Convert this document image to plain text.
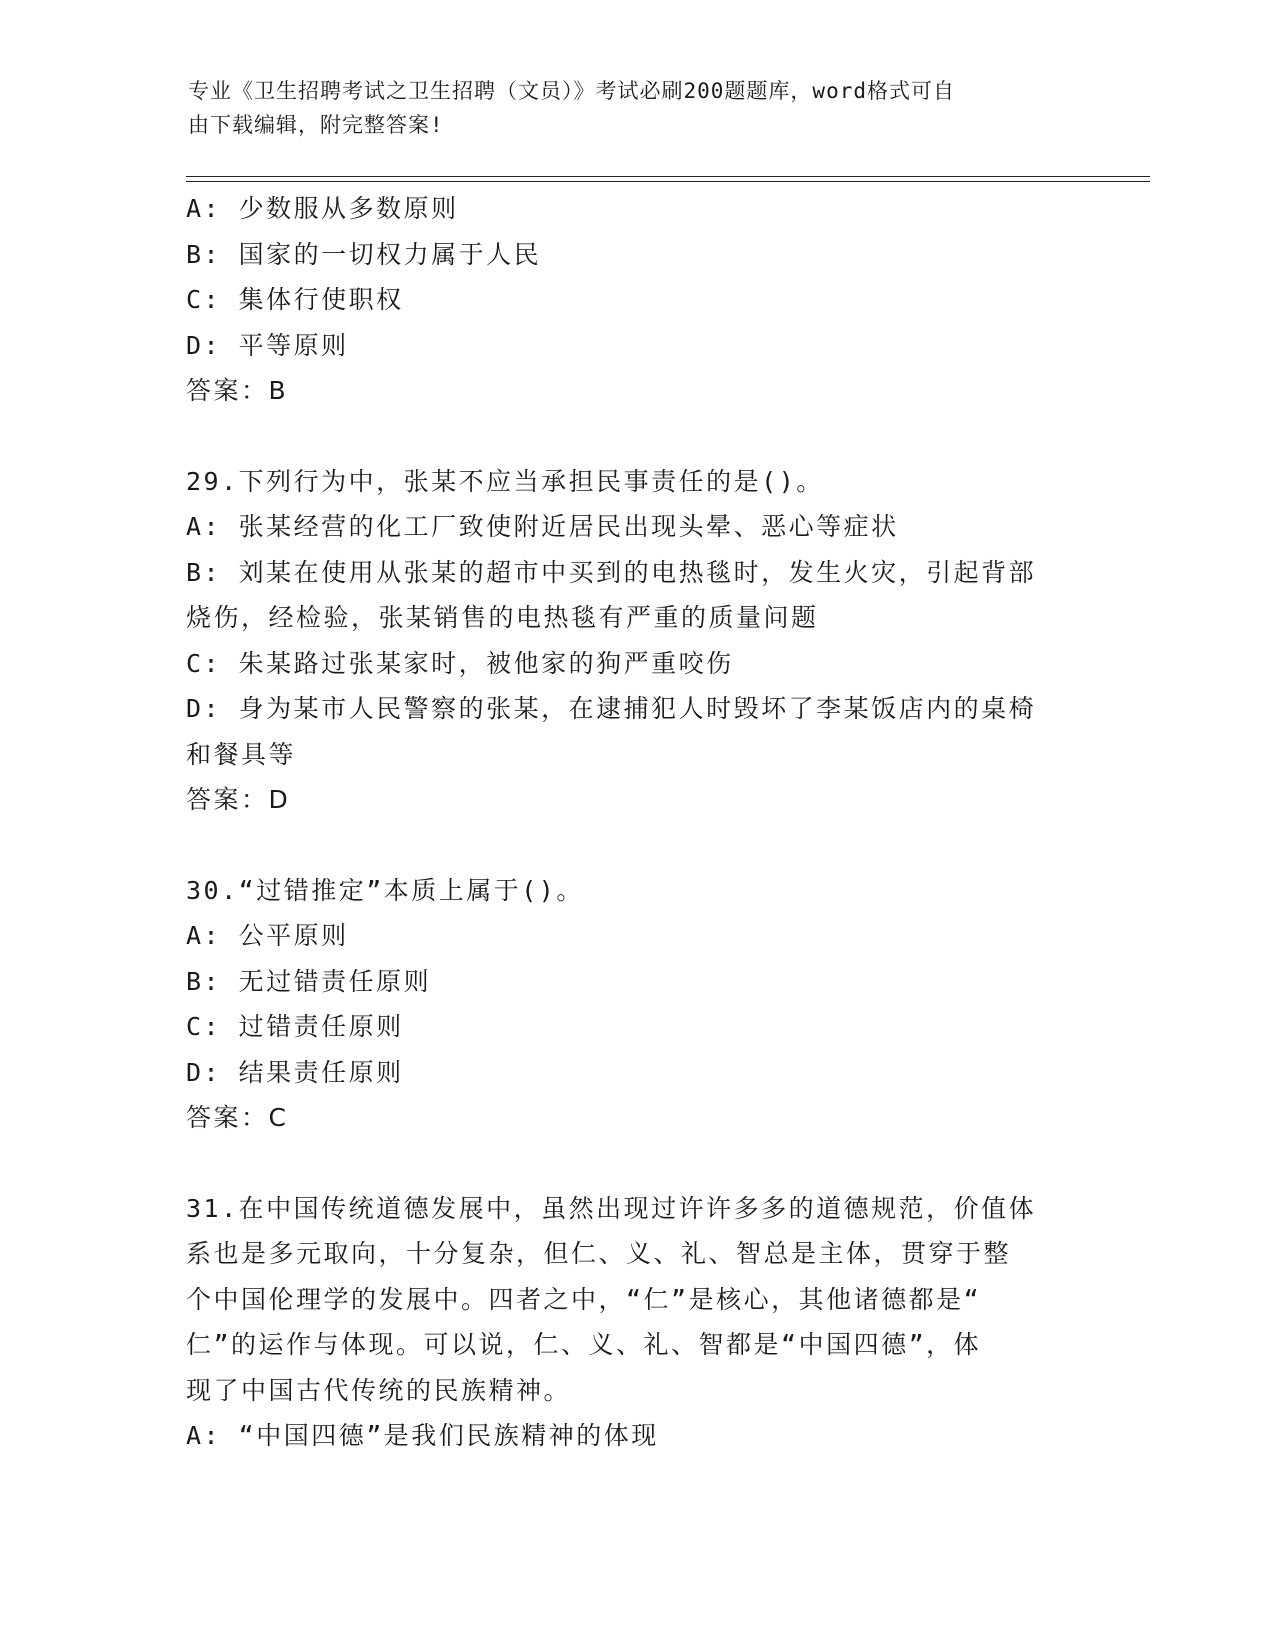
专业《卫生招聘考试之卫生招聘（文员）》考试必刷200题题库，word格式可自
由下载编辑，附完整答案!
A: 少数服从多数原则
B: 国家的一切权力属于人民
C: 集体行使职权
D: 平等原则
答案：B
29.下列行为中，张某不应当承担民事责任的是()。
A: 张某经营的化工厂致使附近居民出现头晕、恶心等症状
B: 刘某在使用从张某的超市中买到的电热毯时，发生火灾，引起背部
烧伤，经检验，张某销售的电热毯有严重的质量问题
C: 朱某路过张某家时，被他家的狗严重咬伤
D: 身为某市人民警察的张某，在逮捕犯人时毁坏了李某饭店内的桌椅
和餐具等
答案：D
30.“过错推定”本质上属于()。
A: 公平原则
B: 无过错责任原则
C: 过错责任原则
D: 结果责任原则
答案：C
31.在中国传统道德发展中，虽然出现过许许多多的道德规范，价值体
系也是多元取向，十分复杂，但仁、义、礼、智总是主体，贯穿于整
个中国伦理学的发展中。四者之中，“仁”是核心，其他诸德都是“
仁”的运作与体现。可以说，仁、义、礼、智都是“中国四德”，体
现了中国古代传统的民族精神。
A: “中国四德”是我们民族精神的体现
